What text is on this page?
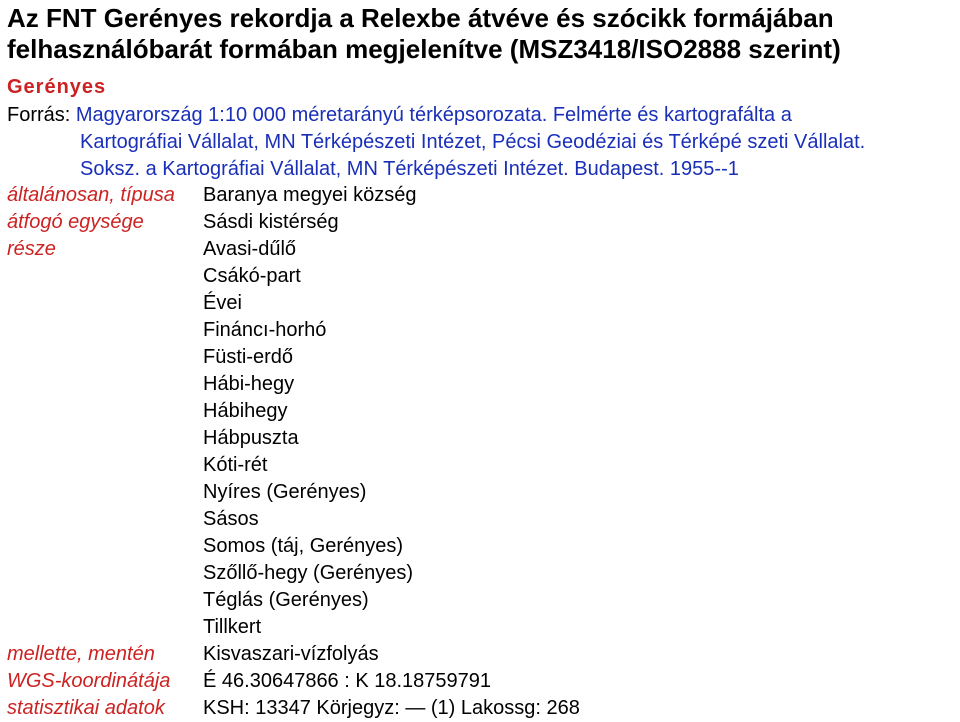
Az FNT Gerényes rekordja a Relexbe átvéve és szócikk formájában
felhasználóbarát formában megjelenítve (MSZ3418/ISO2888 szerint)
Gerényes
Forrás: Magyarország 1:10 000 méretarányú térképsorozata. Felmérte és kartografálta a
Kartográfiai Vállalat, MN Térképészeti Intézet, Pécsi Geodéziai és Térképé szeti Vállalat.
Soksz. a Kartográfiai Vállalat, MN Térképészeti Intézet. Budapest. 1955--1
általánosan, típusa Baranya megyei község
átfogó egysége	Sásdi kistérség
része	Avasi-dűlő
Csákó-part
Évei
Fináncı-horhó
Füsti-erdő
Hábi-hegy
Hábihegy
Hábpuszta
Kóti-rét
Nyíres (Gerényes)
Sásos
Somos (táj, Gerényes)
Szőllő-hegy (Gerényes)
Téglás (Gerényes)
Tillkert
mellette, mentén Kisvaszari-vízfolyás
WGS-koordinátája É 46.30647866 : K 18.18759791
statisztikai adatok KSH: 13347 Körjegyz: — (1) Lakossg: 268
